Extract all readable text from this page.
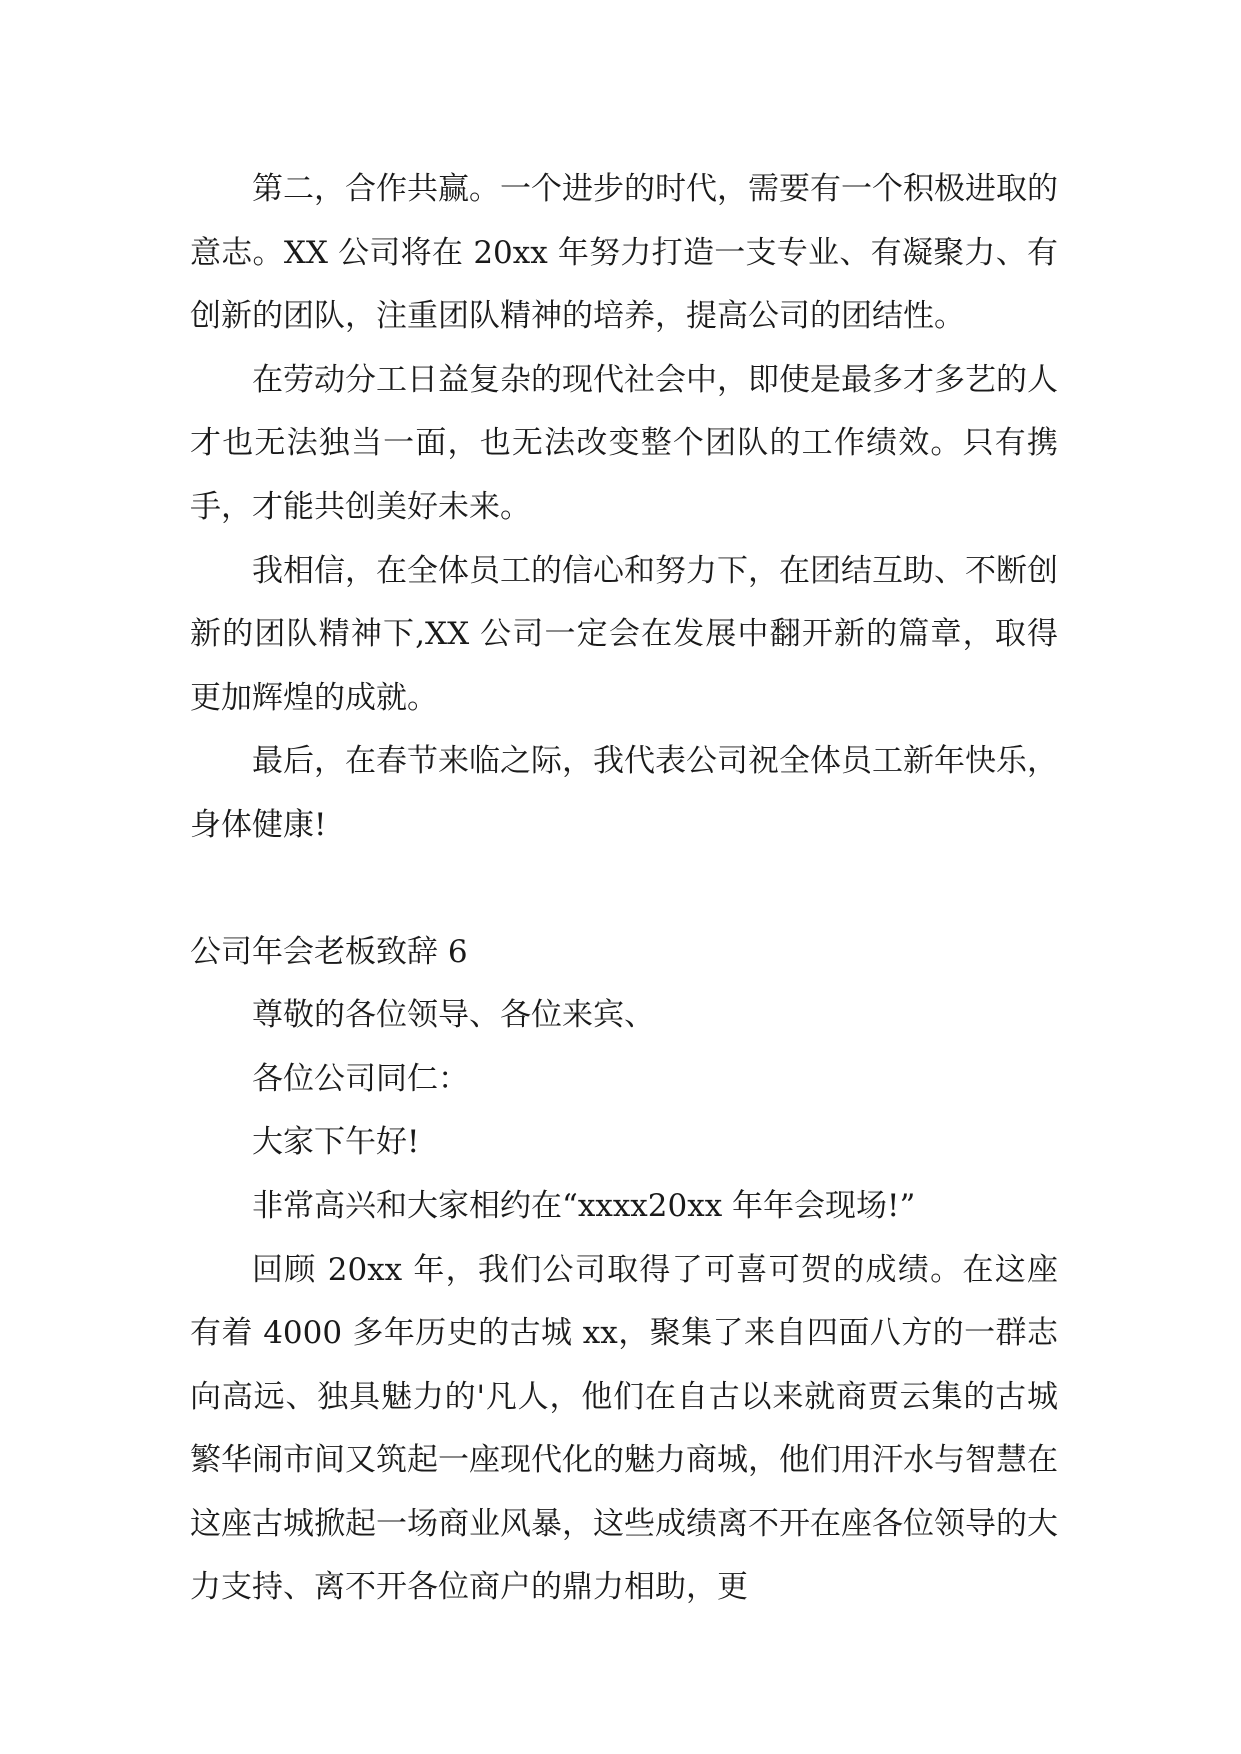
第二，合作共赢。一个进步的时代，需要有一个积极进取的意志。XX 公司将在 20xx 年努力打造一支专业、有凝聚力、有创新的团队，注重团队精神的培养，提高公司的团结性。

在劳动分工日益复杂的现代社会中，即使是最多才多艺的人才也无法独当一面，也无法改变整个团队的工作绩效。只有携手，才能共创美好未来。

我相信，在全体员工的信心和努力下，在团结互助、不断创新的团队精神下,XX 公司一定会在发展中翻开新的篇章，取得更加辉煌的成就。

最后，在春节来临之际，我代表公司祝全体员工新年快乐，身体健康!

公司年会老板致辞 6

尊敬的各位领导、各位来宾、

各位公司同仁：

大家下午好!

非常高兴和大家相约在“xxxx20xx 年年会现场!”

回顾 20xx 年，我们公司取得了可喜可贺的成绩。在这座有着 4000 多年历史的古城 xx，聚集了来自四面八方的一群志向高远、独具魅力的'凡人，他们在自古以来就商贾云集的古城繁华闹市间又筑起一座现代化的魅力商城，他们用汗水与智慧在这座古城掀起一场商业风暴，这些成绩离不开在座各位领导的大力支持、离不开各位商户的鼎力相助，更
